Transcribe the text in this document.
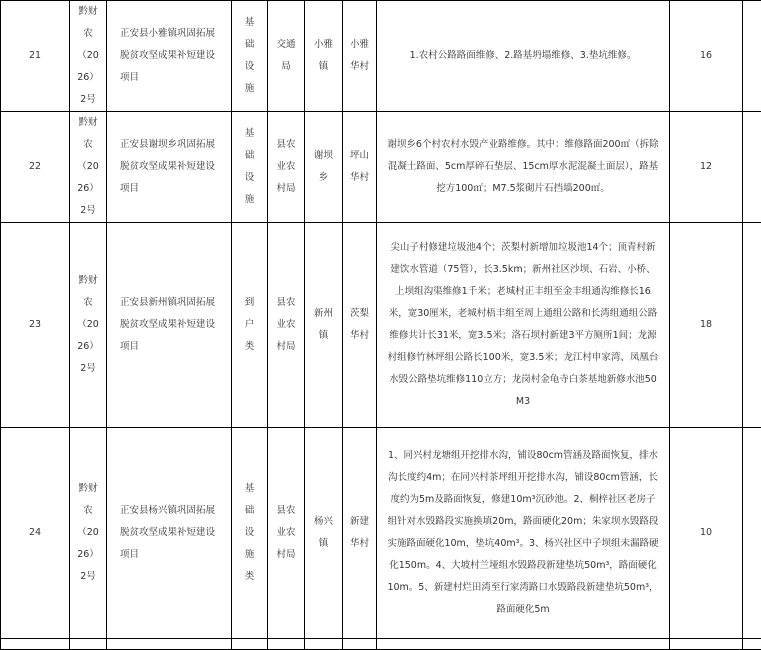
21	黔财农（2026）2号	正安县小雅镇巩固拓展脱贫攻坚成果补短建设项目	基础设施	交通局	小雅镇	小雅华村	1.农村公路路面维修、2.路基坍塌维修、3.垫坑维修。	16	
22	黔财农（2026）2号	正安县谢坝乡巩固拓展脱贫攻坚成果补短建设项目	基础设施	县农业农村局	谢坝乡	坪山华村	谢坝乡6个村农村水毁产业路维修。其中：维修路面200㎡（拆除混凝土路面、5cm厚碎石垫层、15cm厚水泥混凝土面层），路基挖方100㎡；M7.5浆砌片石挡墙200㎡。	12	
23	黔财农（2026）2号	正安县新州镇巩固拓展脱贫攻坚成果补短建设项目	到户类	县农业农村局	新州镇	茨梨华村	尖山子村修建垃圾池4个；茨梨村新增加垃圾池14个；顶青村新建饮水管道（75管），长3.5km；新州社区沙坝、石岩、小桥、上坝组沟渠维修1千米；老城村正丰组至金丰组通沟维修长16米，宽30厘米，老城村梧丰组至周上通组公路和长湾组通组公路维修共计长31米，宽3.5米；洛石坝村新建3平方厕所1间；龙源村组修竹林坪组公路长100米，宽3.5米；龙江村申家湾、凤凰台水毁公路垫坑维修110立方；龙岗村金龟寺白茶基地新修水池50M3	18	
24	黔财农（2026）2号	正安县杨兴镇巩固拓展脱贫攻坚成果补短建设项目	基础设施类	县农业农村局	杨兴镇	新建华村	1、同兴村龙塘组开挖排水沟，铺设80cm管涵及路面恢复，排水沟长度约4m；在同兴村茶坪组开挖排水沟，铺设80cm管涵，长度约为5m及路面恢复，修建10m³沉砂池。2、桐梓社区老房子组针对水毁路段实施换填20m，路面硬化20m；朱家坝水毁路段实施路面硬化10m，垫坑40m³。3、杨兴社区中子坝组未漏路硬化150m。4、大坡村兰垭组水毁路段新建垫坑50m³，路面硬化10m。5、新建村烂田湾至行家湾路口水毁路段新建垫坑50m³，路面硬化5m	10	
